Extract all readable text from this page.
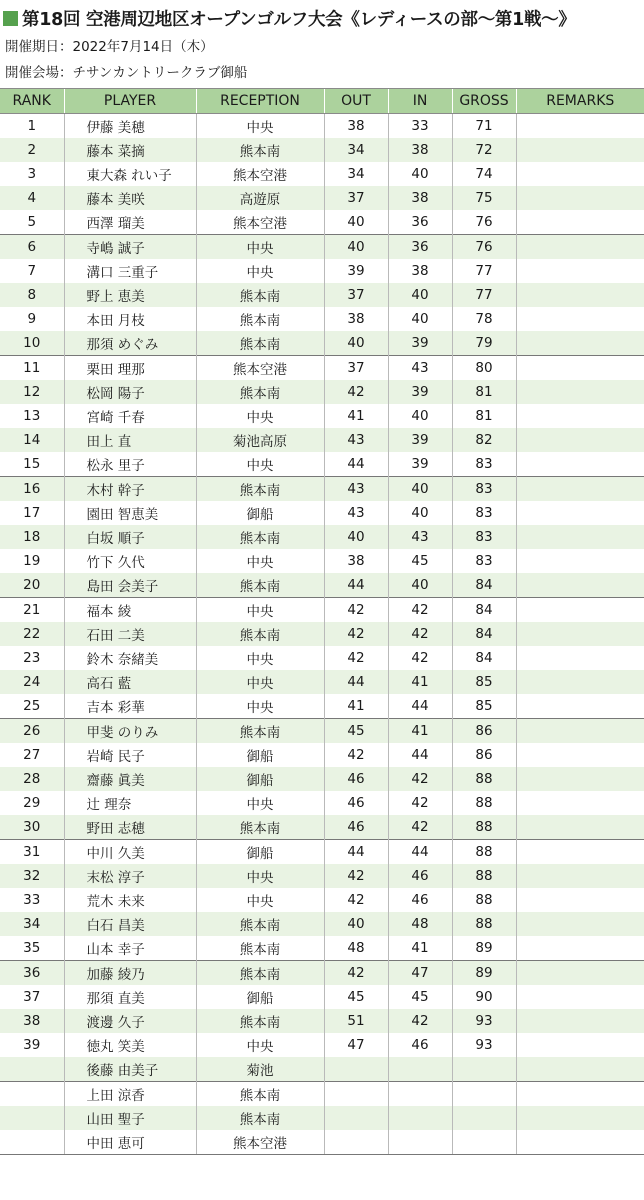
第18回 空港周辺地区オープンゴルフ大会《レディースの部〜第1戦〜》
開催期日：2022年7月14日（木）
開催会場：チサンカントリークラブ御船
RANK	PLAYER	RECEPTION	OUT	IN	GROSS	REMARKS
1	伊藤 美穂	中央	38	33	71	
2	藤本 菜摘	熊本南	34	38	72	
3	東大森 れい子	熊本空港	34	40	74	
4	藤本 美咲	高遊原	37	38	75	
5	西澤 瑠美	熊本空港	40	36	76	
6	寺嶋 誠子	中央	40	36	76	
7	溝口 三重子	中央	39	38	77	
8	野上 恵美	熊本南	37	40	77	
9	本田 月枝	熊本南	38	40	78	
10	那須 めぐみ	熊本南	40	39	79	
11	栗田 理那	熊本空港	37	43	80	
12	松岡 陽子	熊本南	42	39	81	
13	宮崎 千春	中央	41	40	81	
14	田上 直	菊池高原	43	39	82	
15	松永 里子	中央	44	39	83	
16	木村 幹子	熊本南	43	40	83	
17	園田 智恵美	御船	43	40	83	
18	白坂 順子	熊本南	40	43	83	
19	竹下 久代	中央	38	45	83	
20	島田 会美子	熊本南	44	40	84	
21	福本 綾	中央	42	42	84	
22	石田 二美	熊本南	42	42	84	
23	鈴木 奈緒美	中央	42	42	84	
24	高石 藍	中央	44	41	85	
25	吉本 彩華	中央	41	44	85	
26	甲斐 のりみ	熊本南	45	41	86	
27	岩崎 民子	御船	42	44	86	
28	齋藤 眞美	御船	46	42	88	
29	辻 理奈	中央	46	42	88	
30	野田 志穂	熊本南	46	42	88	
31	中川 久美	御船	44	44	88	
32	末松 淳子	中央	42	46	88	
33	荒木 未来	中央	42	46	88	
34	白石 昌美	熊本南	40	48	88	
35	山本 幸子	熊本南	48	41	89	
36	加藤 綾乃	熊本南	42	47	89	
37	那須 直美	御船	45	45	90	
38	渡邊 久子	熊本南	51	42	93	
39	徳丸 笑美	中央	47	46	93	
	後藤 由美子	菊池				
	上田 涼香	熊本南				
	山田 聖子	熊本南				
	中田 恵可	熊本空港				
